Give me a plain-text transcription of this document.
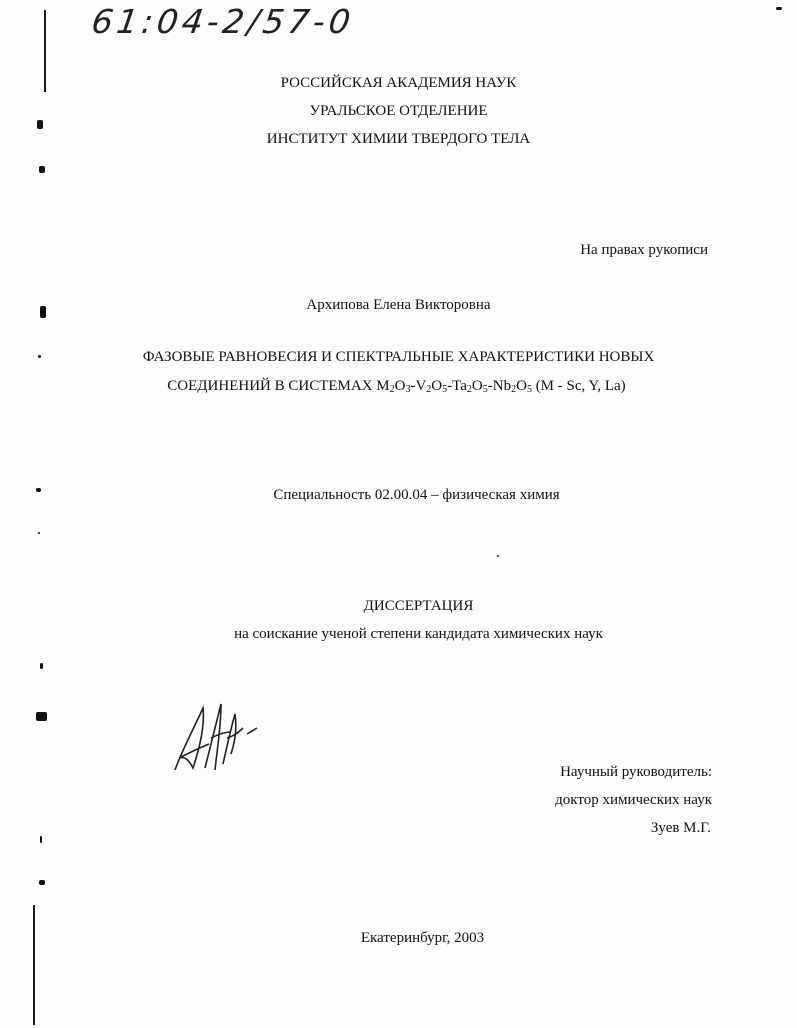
61:04-2/57-0
РОССИЙСКАЯ АКАДЕМИЯ НАУК
УРАЛЬСКОЕ ОТДЕЛЕНИЕ
ИНСТИТУТ ХИМИИ ТВЕРДОГО ТЕЛА
На правах рукописи
Архипова Елена Викторовна
ФАЗОВЫЕ РАВНОВЕСИЯ И СПЕКТРАЛЬНЫЕ ХАРАКТЕРИСТИКИ НОВЫХ
СОЕДИНЕНИЙ В СИСТЕМАХ $M_2O_3-V_2O_5-Ta_2O_5-Nb_2O_5$ (M - Sc, Y, La)
Специальность 02.00.04 – физическая химия
ДИССЕРТАЦИЯ
на соискание ученой степени кандидата химических наук
Научный руководитель:
доктор химических наук
Зуев М.Г.
Екатеринбург, 2003
